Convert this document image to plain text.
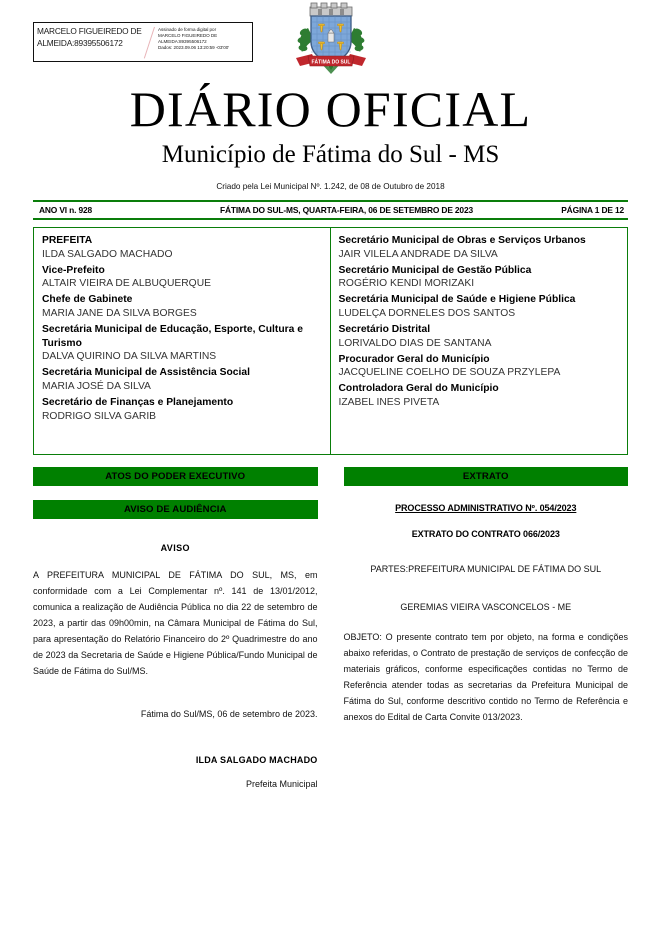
MARCELO FIGUEIREDO DE
ALMEIDA:89395506172
Assinado de forma digital por
MARCELO FIGUEIREDO DE
ALMEIDA:89395506172
Dados: 2023.09.06 13:20:59 -03'00'
FÁTIMA DO SUL
DIÁRIO OFICIAL
Município de Fátima do Sul - MS
Criado pela Lei Municipal Nº. 1.242, de 08 de Outubro de 2018
ANO VI n. 928	FÁTIMA DO SUL-MS, QUARTA-FEIRA, 06 DE SETEMBRO DE 2023	PÁGINA 1 DE 12
PREFEITA
ILDA SALGADO MACHADO
Vice-Prefeito
ALTAIR VIEIRA DE ALBUQUERQUE
Chefe de Gabinete
MARIA JANE DA SILVA BORGES
Secretária Municipal de Educação, Esporte, Cultura e Turismo
DALVA QUIRINO DA SILVA MARTINS
Secretária Municipal de Assistência Social
MARIA JOSÉ DA SILVA
Secretário de Finanças e Planejamento
RODRIGO SILVA GARIB
Secretário Municipal de Obras e Serviços Urbanos
JAIR VILELA ANDRADE DA SILVA
Secretário Municipal de Gestão Pública
ROGÉRIO KENDI MORIZAKI
Secretária Municipal de Saúde e Higiene Pública
LUDELÇA DORNELES DOS SANTOS
Secretário Distrital
LORIVALDO DIAS DE SANTANA
Procurador Geral do Município
JACQUELINE COELHO DE SOUZA PRZYLEPA
Controladora Geral do Município
IZABEL INES PIVETA
ATOS DO PODER EXECUTIVO
AVISO DE AUDIÊNCIA
AVISO
A PREFEITURA MUNICIPAL DE FÁTIMA DO SUL, MS, em conformidade com a Lei Complementar nº. 141 de 13/01/2012, comunica a realização de Audiência Pública no dia 22 de setembro de 2023, a partir das 09h00min, na Câmara Municipal de Fátima do Sul, para apresentação do Relatório Financeiro do 2º Quadrimestre do ano de 2023 da Secretaria de Saúde e Higiene Pública/Fundo Municipal de Saúde de Fátima do Sul/MS.
Fátima do Sul/MS, 06 de setembro de 2023.
ILDA SALGADO MACHADO
Prefeita Municipal
EXTRATO
PROCESSO ADMINISTRATIVO Nº. 054/2023
EXTRATO DO CONTRATO 066/2023
PARTES:PREFEITURA MUNICIPAL DE FÁTIMA DO SUL
GEREMIAS VIEIRA VASCONCELOS - ME
OBJETO: O presente contrato tem por objeto, na forma e condições abaixo referidas, o Contrato de prestação de serviços de confecção de materiais gráficos, conforme especificações contidas no Termo de Referência atender todas as secretarias da Prefeitura Municipal de Fátima do Sul, conforme descritivo contido no Termo de Referência e anexos do Edital de Carta Convite 013/2023.
